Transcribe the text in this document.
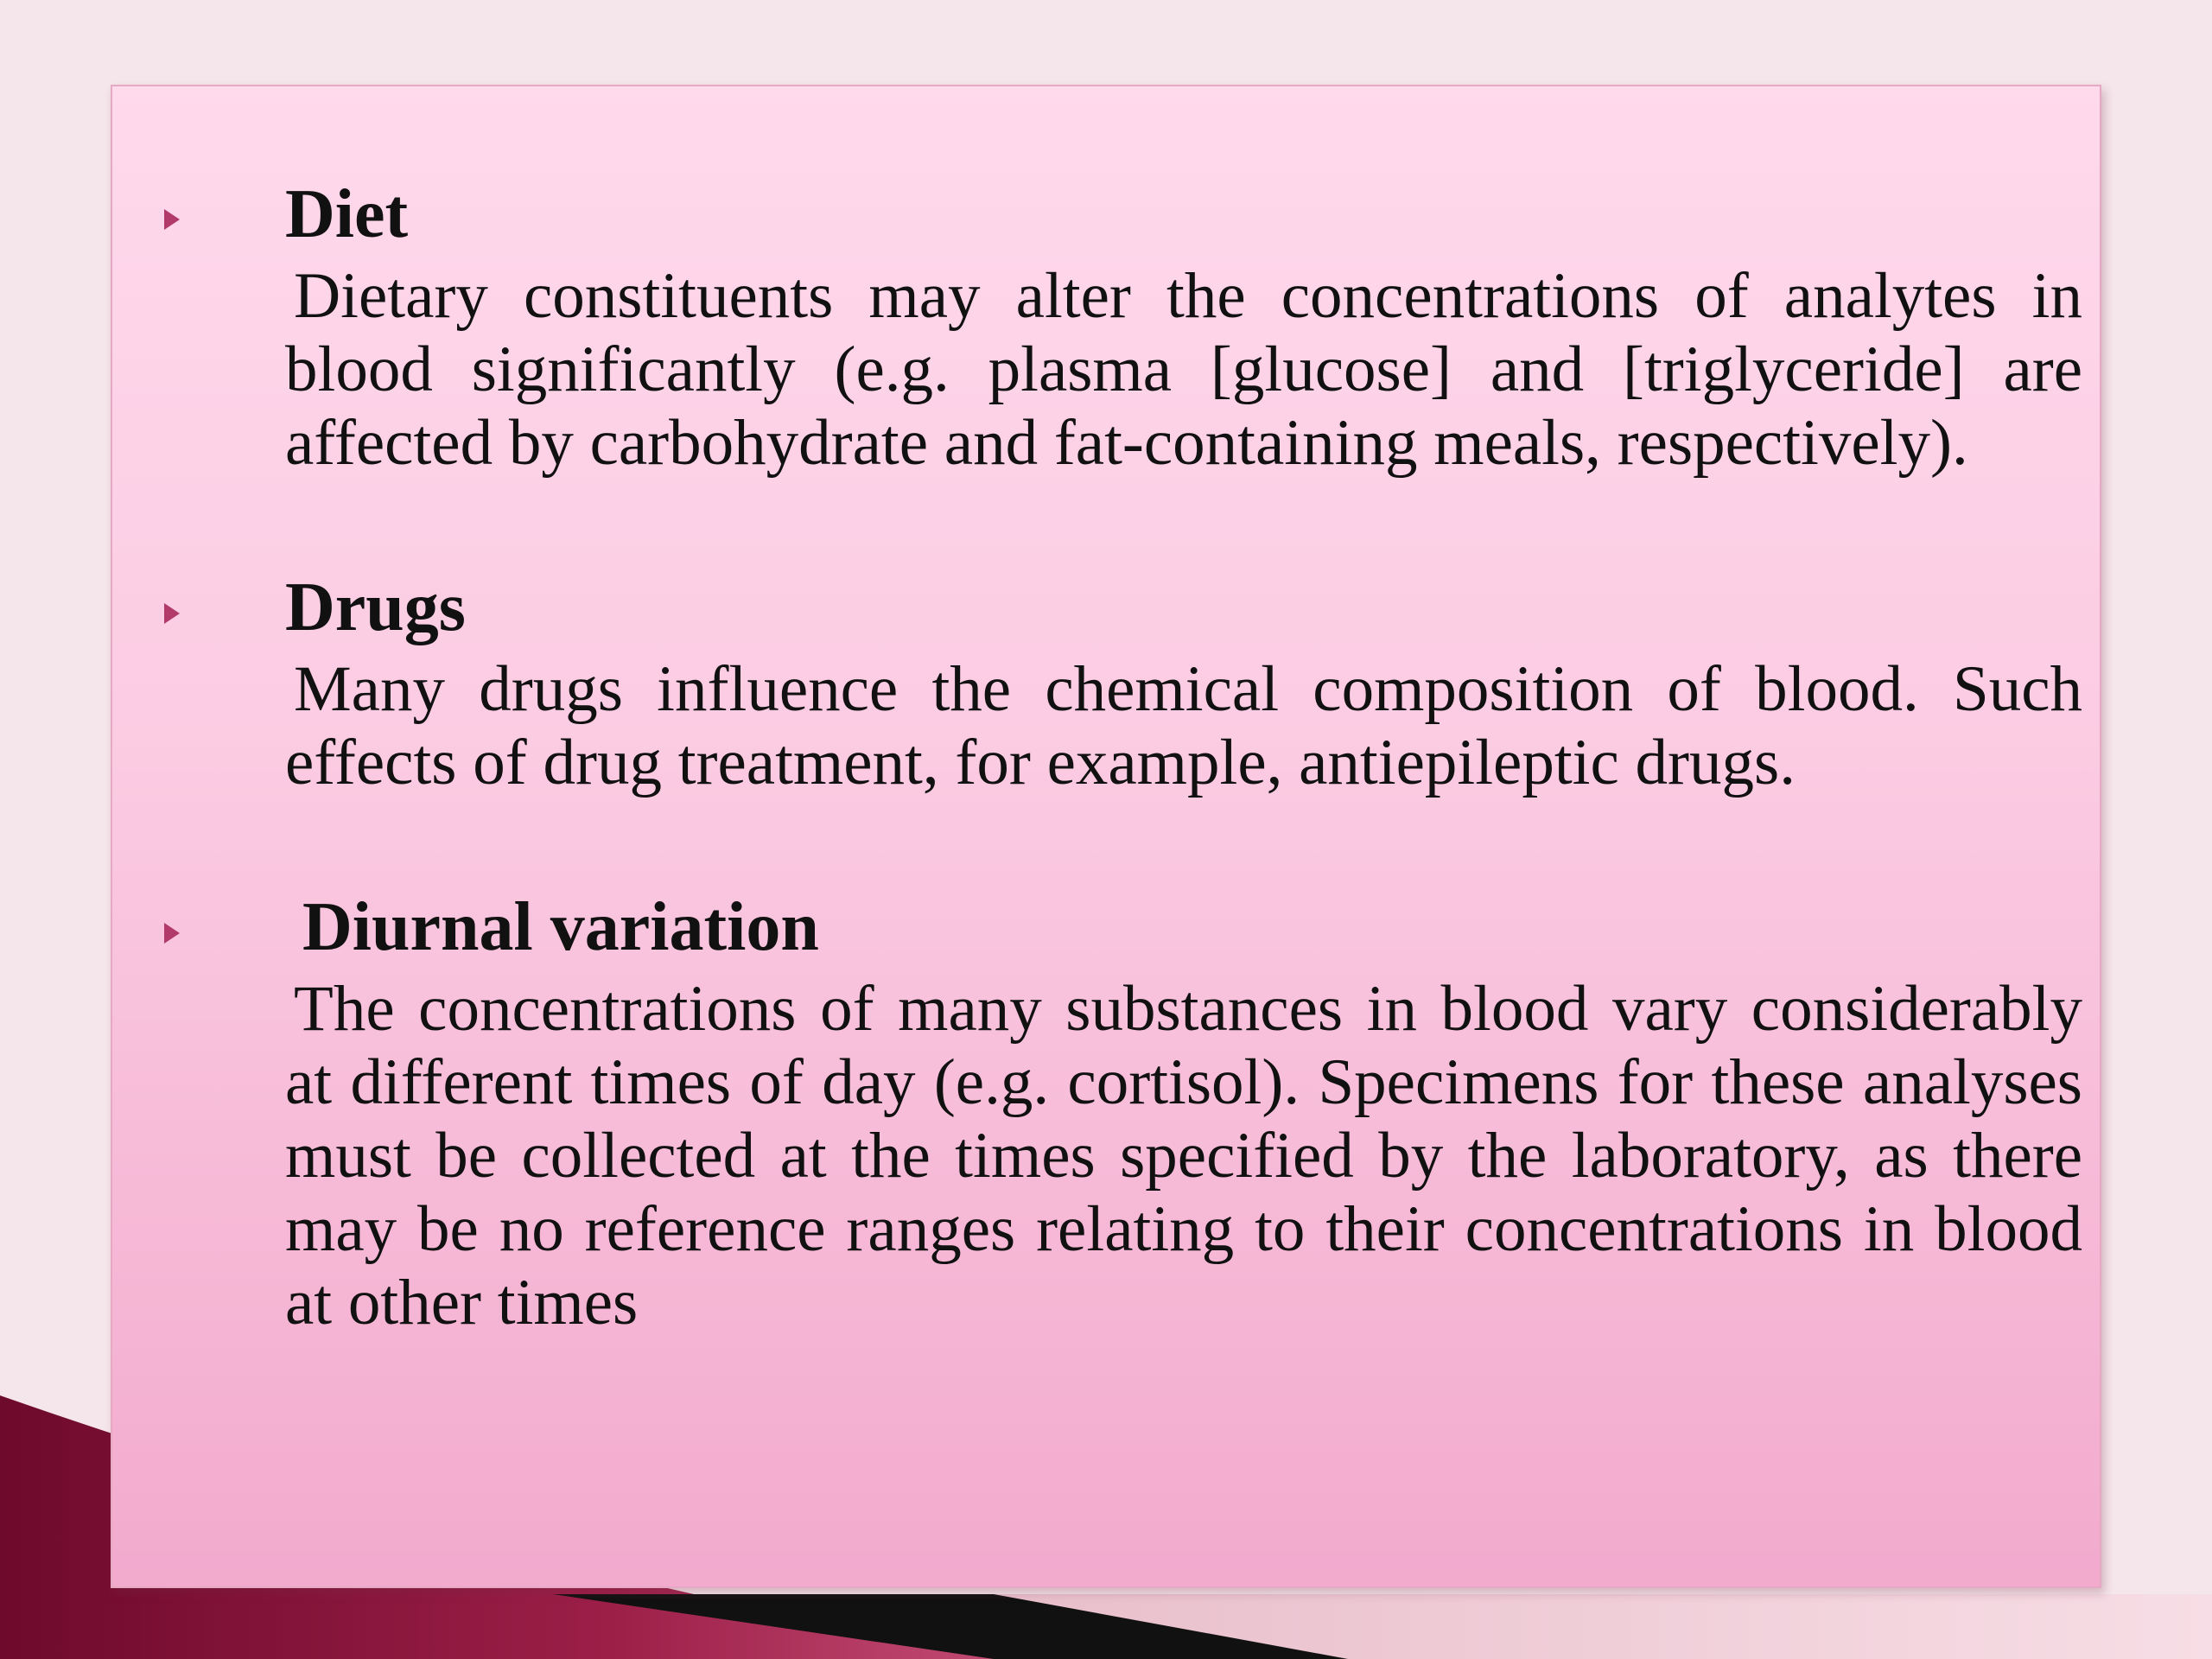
Diet
Dietary constituents may alter the concentrations of analytes in blood significantly (e.g. plasma [glucose] and [triglyceride] are affected by carbohydrate and fat-containing meals, respectively).
Drugs
Many drugs influence the chemical composition of blood. Such effects of drug treatment, for example, antiepileptic drugs.
Diurnal variation
The concentrations of many substances in blood vary considerably at different times of day (e.g. cortisol). Specimens for these analyses must be collected at the times specified by the laboratory, as there may be no reference ranges relating to their concentrations in blood at other times
